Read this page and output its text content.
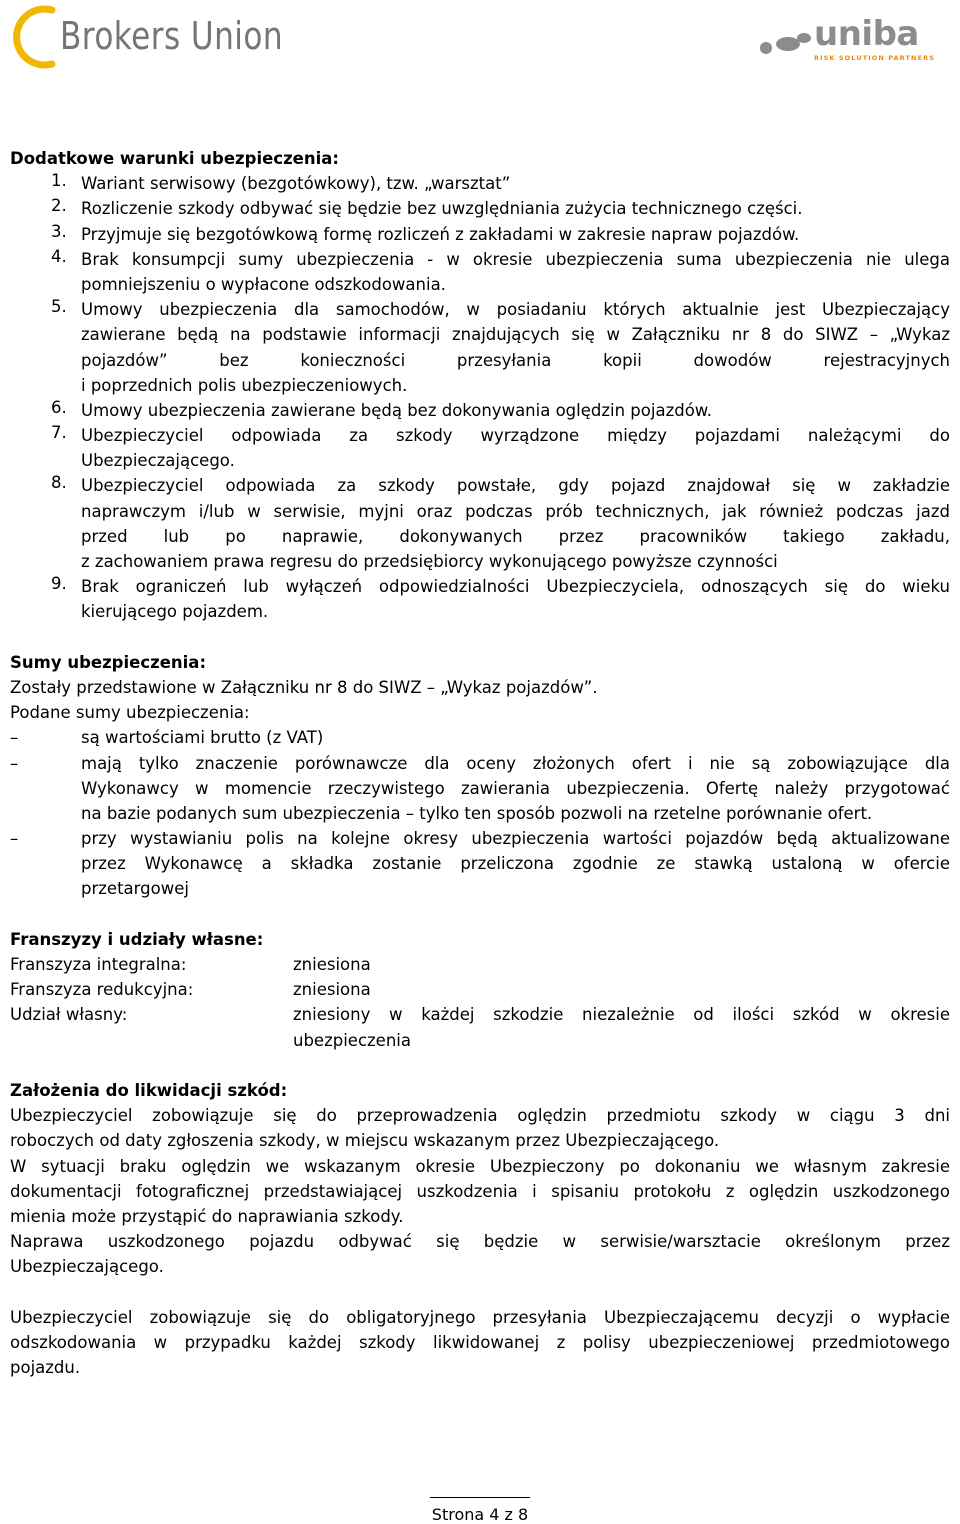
Brokers Union	uniba
RISK SOLUTION PARTNERS
Dodatkowe warunki ubezpieczenia:
1. Wariant serwisowy (bezgotówkowy), tzw. „warsztat”
2. Rozliczenie szkody odbywać się będzie bez uwzględniania zużycia technicznego części.
3. Przyjmuje się bezgotówkową formę rozliczeń z zakładami w zakresie napraw pojazdów.
4. Brak konsumpcji sumy ubezpieczenia - w okresie ubezpieczenia suma ubezpieczenia nie ulega
pomniejszeniu o wypłacone odszkodowania.
5. Umowy ubezpieczenia dla samochodów, w posiadaniu których aktualnie jest Ubezpieczający
zawierane będą na podstawie informacji znajdujących się w Załączniku nr 8 do SIWZ – „Wykaz
pojazdów” bez konieczności przesyłania kopii dowodów rejestracyjnych
i poprzednich polis ubezpieczeniowych.
6. Umowy ubezpieczenia zawierane będą bez dokonywania oględzin pojazdów.
7. Ubezpieczyciel odpowiada za szkody wyrządzone między pojazdami należącymi do
Ubezpieczającego.
8. Ubezpieczyciel odpowiada za szkody powstałe, gdy pojazd znajdował się w zakładzie
naprawczym i/lub w serwisie, myjni oraz podczas prób technicznych, jak również podczas jazd
przed lub po naprawie, dokonywanych przez pracowników takiego zakładu,
z zachowaniem prawa regresu do przedsiębiorcy wykonującego powyższe czynności
9. Brak ograniczeń lub wyłączeń odpowiedzialności Ubezpieczyciela, odnoszących się do wieku
kierującego pojazdem.
Sumy ubezpieczenia:
Zostały przedstawione w Załączniku nr 8 do SIWZ – „Wykaz pojazdów”.
Podane sumy ubezpieczenia:
–	są wartościami brutto (z VAT)
–	mają tylko znaczenie porównawcze dla oceny złożonych ofert i nie są zobowiązujące dla
Wykonawcy w momencie rzeczywistego zawierania ubezpieczenia. Ofertę należy przygotować
na bazie podanych sum ubezpieczenia – tylko ten sposób pozwoli na rzetelne porównanie ofert.
–	przy wystawianiu polis na kolejne okresy ubezpieczenia wartości pojazdów będą aktualizowane
przez Wykonawcę a składka zostanie przeliczona zgodnie ze stawką ustaloną w ofercie
przetargowej
Franszyzy i udziały własne:
Franszyza integralna:	zniesiona
Franszyza redukcyjna:	zniesiona
Udział własny:	zniesiony w każdej szkodzie niezależnie od ilości szkód w okresie
ubezpieczenia
Założenia do likwidacji szkód:
Ubezpieczyciel zobowiązuje się do przeprowadzenia oględzin przedmiotu szkody w ciągu 3 dni
roboczych od daty zgłoszenia szkody, w miejscu wskazanym przez Ubezpieczającego.
W sytuacji braku oględzin we wskazanym okresie Ubezpieczony po dokonaniu we własnym zakresie
dokumentacji fotograficznej przedstawiającej uszkodzenia i spisaniu protokołu z oględzin uszkodzonego
mienia może przystąpić do naprawiania szkody.
Naprawa uszkodzonego pojazdu odbywać się będzie w serwisie/warsztacie określonym przez
Ubezpieczającego.
Ubezpieczyciel zobowiązuje się do obligatoryjnego przesyłania Ubezpieczającemu decyzji o wypłacie
odszkodowania w przypadku każdej szkody likwidowanej z polisy ubezpieczeniowej przedmiotowego
pojazdu.
Strona 4 z 8
